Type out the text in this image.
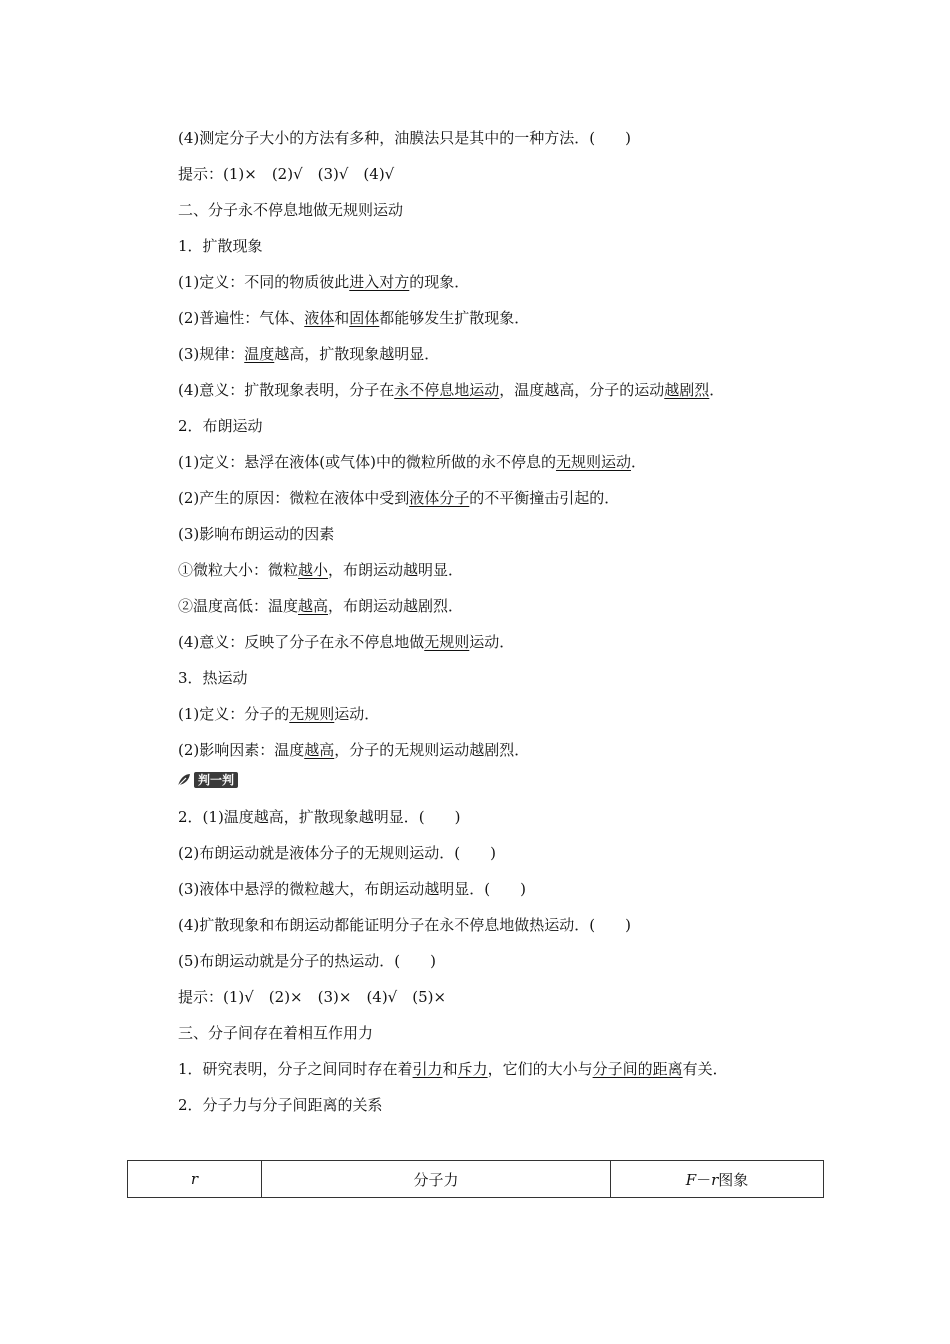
(4)测定分子大小的方法有多种，油膜法只是其中的一种方法．(　　)
提示：(1)×　(2)√　(3)√　(4)√
二、分子永不停息地做无规则运动
1．扩散现象
(1)定义：不同的物质彼此进入对方的现象．
(2)普遍性：气体、液体和固体都能够发生扩散现象．
(3)规律：温度越高，扩散现象越明显．
(4)意义：扩散现象表明，分子在永不停息地运动，温度越高，分子的运动越剧烈．
2．布朗运动
(1)定义：悬浮在液体(或气体)中的微粒所做的永不停息的无规则运动．
(2)产生的原因：微粒在液体中受到液体分子的不平衡撞击引起的．
(3)影响布朗运动的因素
①微粒大小：微粒越小，布朗运动越明显．
②温度高低：温度越高，布朗运动越剧烈．
(4)意义：反映了分子在永不停息地做无规则运动．
3．热运动
(1)定义：分子的无规则运动．
(2)影响因素：温度越高，分子的无规则运动越剧烈．
判一判
2．(1)温度越高，扩散现象越明显．(　　)
(2)布朗运动就是液体分子的无规则运动．(　　)
(3)液体中悬浮的微粒越大，布朗运动越明显．(　　)
(4)扩散现象和布朗运动都能证明分子在永不停息地做热运动．(　　)
(5)布朗运动就是分子的热运动．(　　)
提示：(1)√　(2)×　(3)×　(4)√　(5)×
三、分子间存在着相互作用力
1．研究表明，分子之间同时存在着引力和斥力，它们的大小与分子间的距离有关．
2．分子力与分子间距离的关系
r	分子力	F－r图象
